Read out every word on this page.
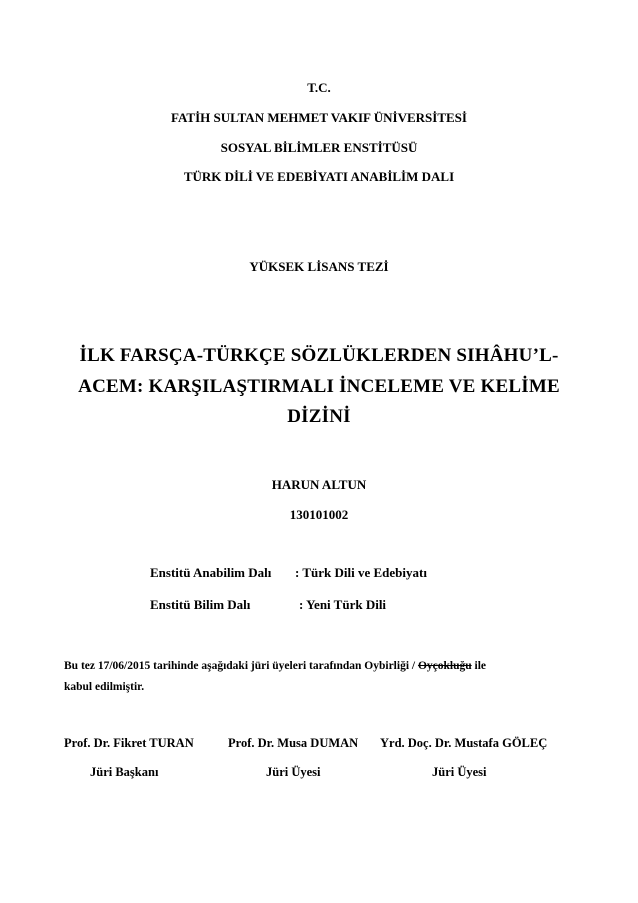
T.C.
FATİH SULTAN MEHMET VAKIF ÜNİVERSİTESİ
SOSYAL BİLİMLER ENSTİTÜSÜ
TÜRK DİLİ VE EDEBİYATI ANABİLİM DALI
YÜKSEK LİSANS TEZİ
İLK FARSÇA-TÜRKÇE SÖZLÜKLERDEN SIHÂHU’L-
ACEM: KARŞILAŞTIRMALI İNCELEME VE KELİME
DİZİNİ
HARUN ALTUN
130101002
Enstitü Anabilim Dalı : Türk Dili ve Edebiyatı
Enstitü Bilim Dalı	: Yeni Türk Dili
Bu tez 17/06/2015 tarihinde aşağıdaki jüri üyeleri tarafından Oybirliği / Oyçokluğu ile
kabul edilmiştir.
Prof. Dr. Fikret TURAN	Prof. Dr. Musa DUMAN Yrd. Doç. Dr. Mustafa GÖLEÇ
Jüri Başkanı	Jüri Üyesi	Jüri Üyesi
